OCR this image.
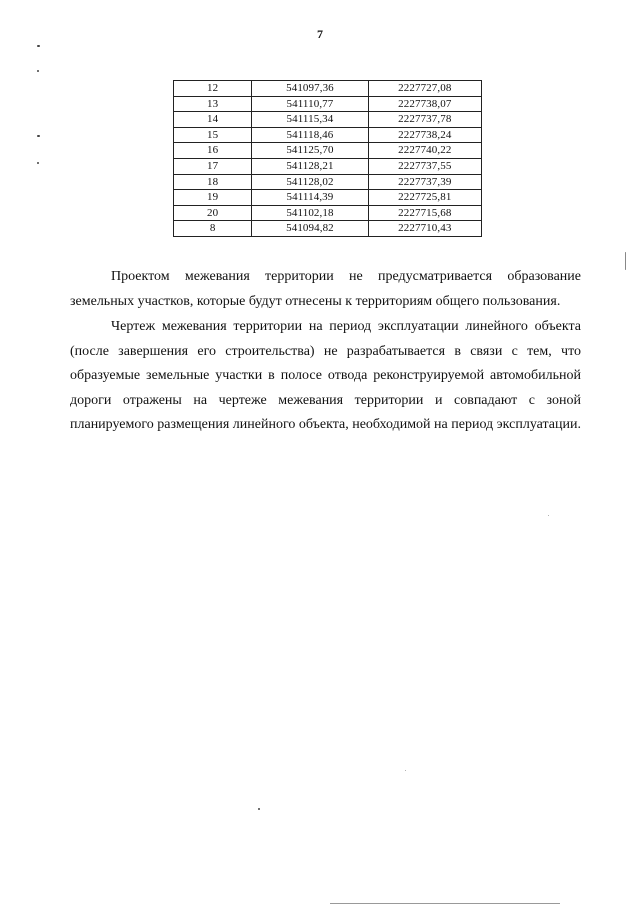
7
12	541097,36	2227727,08
13	541110,77	2227738,07
14	541115,34	2227737,78
15	541118,46	2227738,24
16	541125,70	2227740,22
17	541128,21	2227737,55
18	541128,02	2227737,39
19	541114,39	2227725,81
20	541102,18	2227715,68
8	541094,82	2227710,43

Проектом межевания территории не предусматривается образование земельных участков, которые будут отнесены к территориям общего пользования.

Чертеж межевания территории на период эксплуатации линейного объекта (после завершения его строительства) не разрабатывается в связи с тем, что образуемые земельные участки в полосе отвода реконструируемой автомобильной дороги отражены на чертеже межевания территории и совпадают с зоной планируемого размещения линейного объекта, необходимой на период эксплуатации.
